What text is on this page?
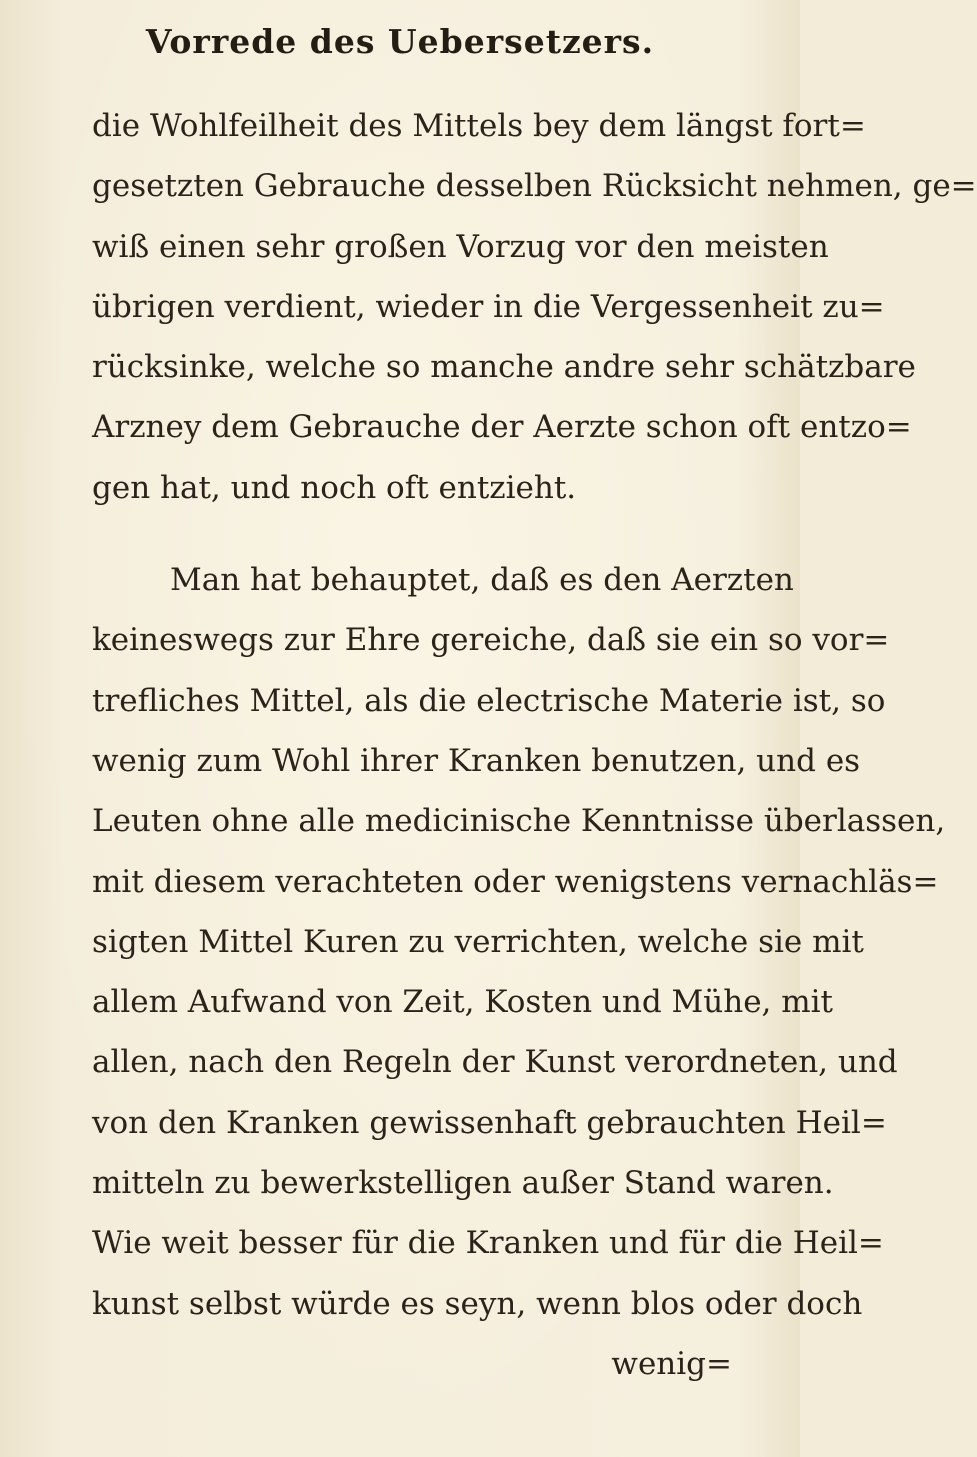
Vorrede des Uebersetzers.
die Wohlfeilheit des Mittels bey dem längst fort=
gesetzten Gebrauche desselben Rücksicht nehmen, ge=
wiß einen sehr großen Vorzug vor den meisten
übrigen verdient, wieder in die Vergessenheit zu=
rücksinke, welche so manche andre sehr schätzbare
Arzney dem Gebrauche der Aerzte schon oft entzo=
gen hat, und noch oft entzieht.
Man hat behauptet, daß es den Aerzten
keineswegs zur Ehre gereiche, daß sie ein so vor=
trefliches Mittel, als die electrische Materie ist, so
wenig zum Wohl ihrer Kranken benutzen, und es
Leuten ohne alle medicinische Kenntnisse überlassen,
mit diesem verachteten oder wenigstens vernachläs=
sigten Mittel Kuren zu verrichten, welche sie mit
allem Aufwand von Zeit, Kosten und Mühe, mit
allen, nach den Regeln der Kunst verordneten, und
von den Kranken gewissenhaft gebrauchten Heil=
mitteln zu bewerkstelligen außer Stand waren.
Wie weit besser für die Kranken und für die Heil=
kunst selbst würde es seyn, wenn blos oder doch
wenig=
